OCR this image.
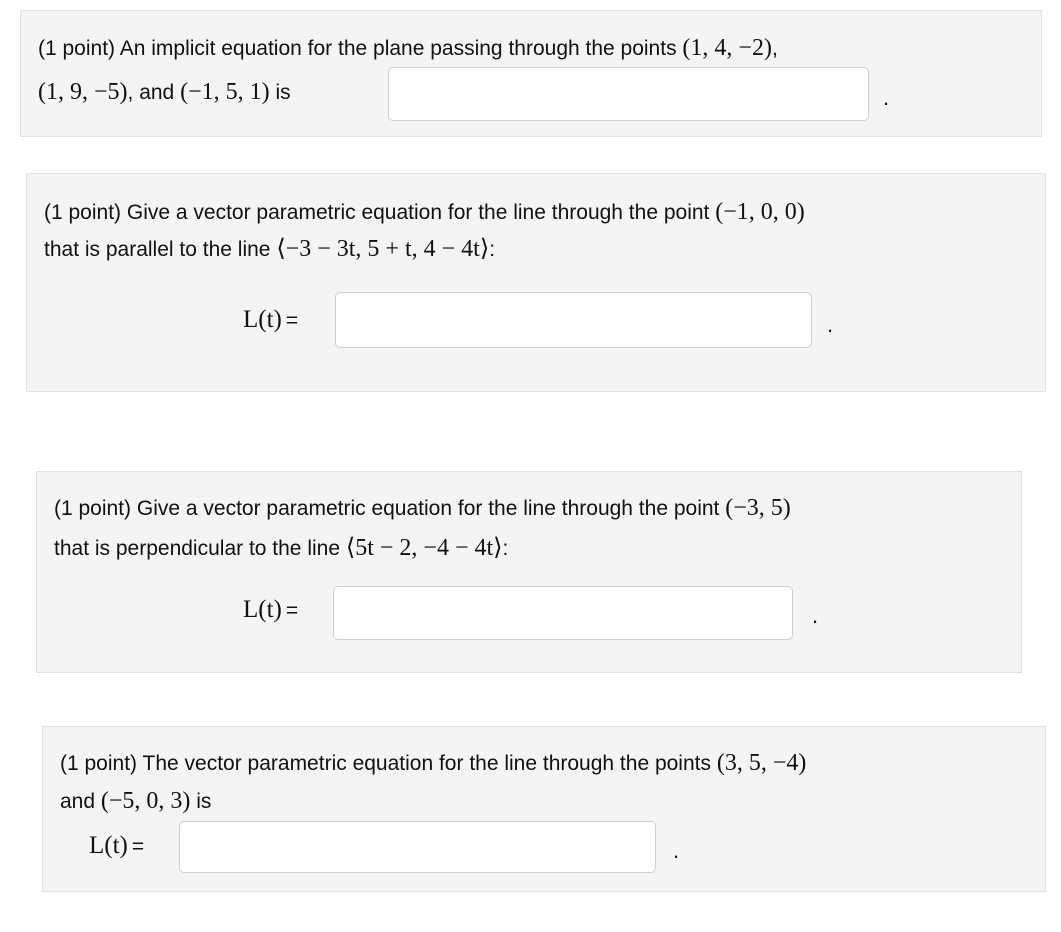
(1 point) An implicit equation for the plane passing through the points (1, 4, −2),
(1, 9, −5), and (−1, 5, 1) is	.
(1 point) Give a vector parametric equation for the line through the point (−1, 0, 0)
that is parallel to the line ⟨−3 − 3t, 5 + t, 4 − 4t⟩:
L(t) =	.
(1 point) Give a vector parametric equation for the line through the point (−3, 5)
that is perpendicular to the line ⟨5t − 2, −4 − 4t⟩:
L(t) =	.
(1 point) The vector parametric equation for the line through the points (3, 5, −4)
and (−5, 0, 3) is
L(t) =	.
